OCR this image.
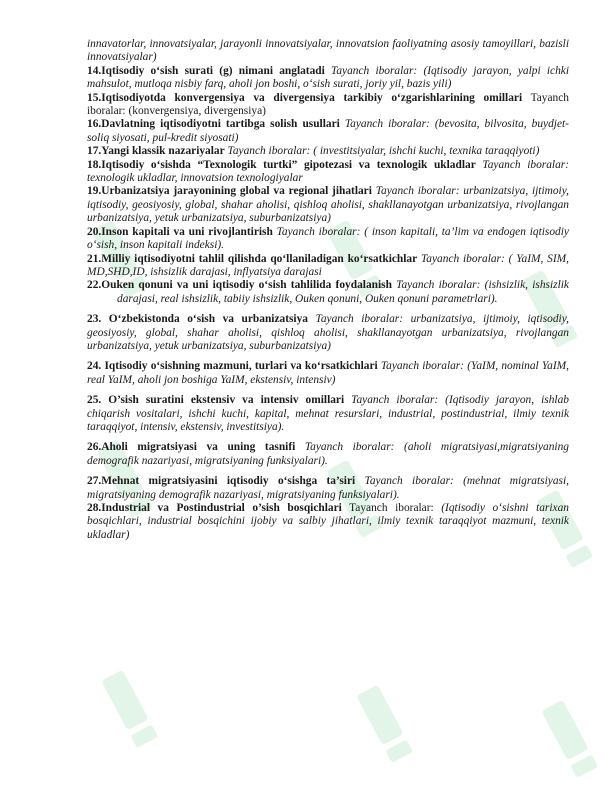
innavatorlar, innovatsiyalar, jarayonli innovatsiyalar, innovatsion faoliyatning asosiy tamoyillari, bazisli innovatsiyalar)
14.Iqtisodiy o‘sish surati (g) nimani anglatadi Tayanch iboralar: (Iqtisodiy jarayon, yalpi ichki mahsulot, mutloqa nisbiy farq, aholi jon boshi, o‘sish surati, joriy yil, bazis yili)
15.Iqtisodiyotda konvergensiya va divergensiya tarkibiy o‘zgarishlarining omillari Tayanch iboralar: (konvergensiya, divergensiya)
16.Davlatning iqtisodiyotni tartibga solish usullari Tayanch iboralar: (bevosita, bilvosita, buydjet-soliq siyosati, pul-kredit siyosati)
17.Yangi klassik nazariyalar Tayanch iboralar: ( investitsiyalar, ishchi kuchi, texnika taraqqiyoti)
18.Iqtisodiy o‘sishda “Texnologik turtki” gipotezasi va texnologik ukladlar Tayanch iboralar: texnologik ukladlar, innovatsion texnologiyalar
19.Urbanizatsiya jarayonining global va regional jihatlari Tayanch iboralar: urbanizatsiya, ijtimoiy, iqtisodiy, geosiyosiy, global, shahar aholisi, qishloq aholisi, shakllanayotgan urbanizatsiya, rivojlangan urbanizatsiya, yetuk urbanizatsiya, suburbanizatsiya)
20.Inson kapitali va uni rivojlantirish Tayanch iboralar: ( inson kapitali, ta’lim va endogen iqtisodiy o‘sish, inson kapitali indeksi).
21.Milliy iqtisodiyotni tahlil qilishda qo‘llaniladigan ko‘rsatkichlar Tayanch iboralar: ( YaIM, SIM, MD,SHD,ID, ishsizlik darajasi, inflyatsiya darajasi
22.Ouken qonuni va uni iqtisodiy o‘sish tahlilida foydalanish Tayanch iboralar: (ishsizlik, ishsizlik darajasi, real ishsizlik, tabiiy ishsizlik, Ouken qonuni, Ouken qonuni parametrlari).
23. O‘zbekistonda o‘sish va urbanizatsiya Tayanch iboralar: urbanizatsiya, ijtimoiy, iqtisodiy, geosiyosiy, global, shahar aholisi, qishloq aholisi, shakllanayotgan urbanizatsiya, rivojlangan urbanizatsiya, yetuk urbanizatsiya, suburbanizatsiya)
24. Iqtisodiy o‘sishning mazmuni, turlari va ko‘rsatkichlari Tayanch iboralar: (YaIM, nominal YaIM, real YaIM, aholi jon boshiga YaIM, ekstensiv, intensiv)
25. O’sish suratini ekstensiv va intensiv omillari Tayanch iboralar: (Iqtisodiy jarayon, ishlab chiqarish vositalari, ishchi kuchi, kapital, mehnat resurslari, industrial, postindustrial, ilmiy texnik taraqqiyot, intensiv, ekstensiv, investitsiya).
26.Aholi migratsiyasi va uning tasnifi Tayanch iboralar: (aholi migratsiyasi,migratsiyaning demografik nazariyasi, migratsiyaning funksiyalari).
27.Mehnat migratsiyasini iqtisodiy o‘sishga ta’siri Tayanch iboralar: (mehnat migratsiyasi, migratsiyaning demografik nazariyasi, migratsiyaning funksiyalari).
28.Industrial va Postindustrial o’sish bosqichlari Tayanch iboralar: (Iqtisodiy o‘sishni tarixan bosqichlari, industrial bosqichini ijobiy va salbiy jihatlari, ilmiy texnik taraqqiyot mazmuni, texnik ukladlar)
